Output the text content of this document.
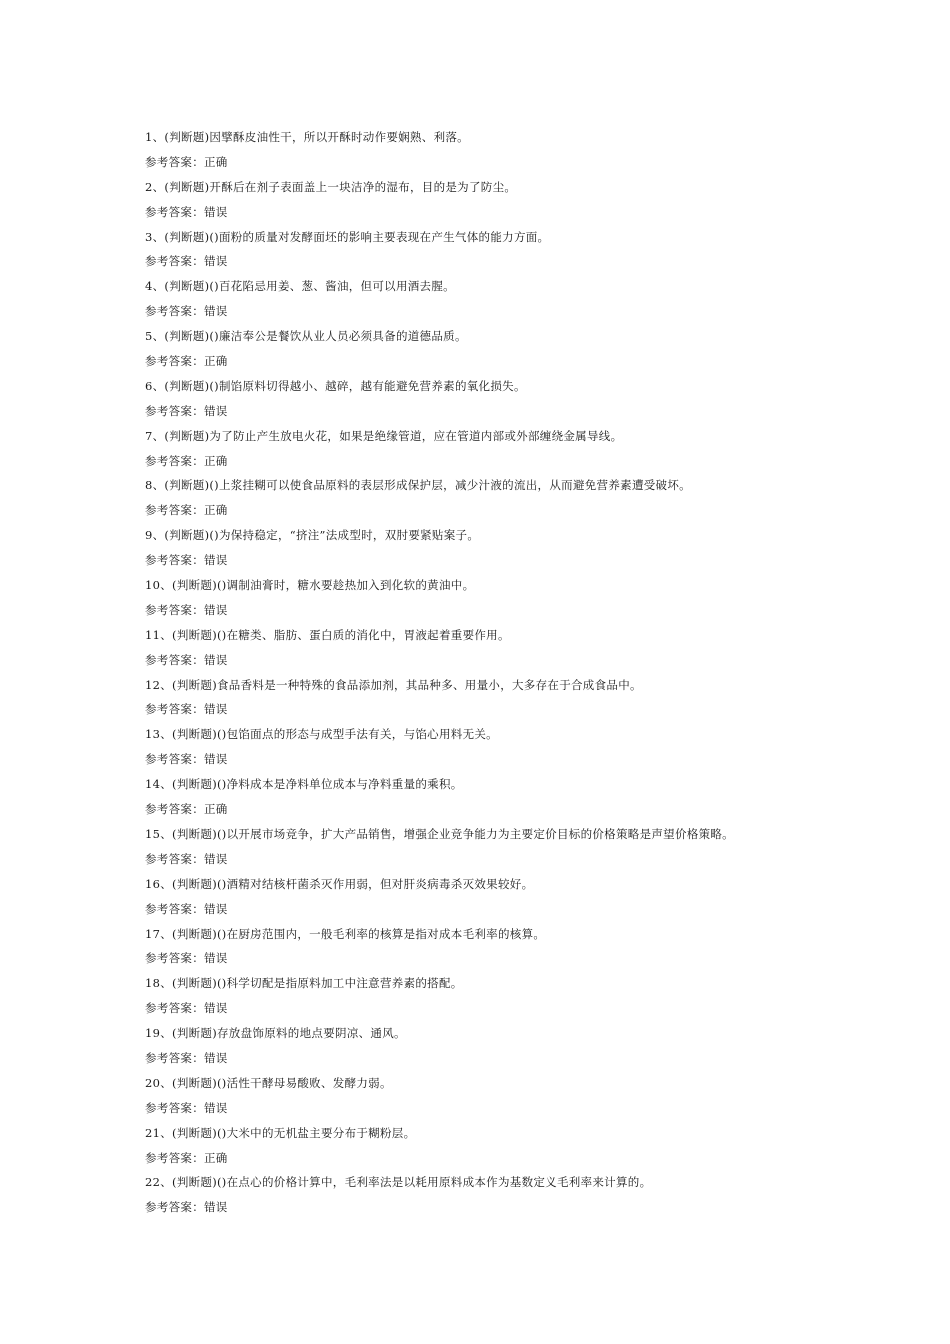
1、(判断题)因擘酥皮油性干，所以开酥时动作要娴熟、利落。
参考答案：正确
2、(判断题)开酥后在剂子表面盖上一块洁净的湿布，目的是为了防尘。
参考答案：错误
3、(判断题)()面粉的质量对发酵面坯的影响主要表现在产生气体的能力方面。
参考答案：错误
4、(判断题)()百花陷忌用姜、葱、酱油，但可以用酒去腥。
参考答案：错误
5、(判断题)()廉洁奉公是餐饮从业人员必须具备的道德品质。
参考答案：正确
6、(判断题)()制馅原料切得越小、越碎，越有能避免营养素的氧化损失。
参考答案：错误
7、(判断题)为了防止产生放电火花，如果是绝缘管道，应在管道内部或外部缠绕金属导线。
参考答案：正确
8、(判断题)()上浆挂糊可以使食品原料的表层形成保护层，减少汁液的流出，从而避免营养素遭受破坏。
参考答案：正确
9、(判断题)()为保持稳定，“挤注”法成型时，双肘要紧贴案子。
参考答案：错误
10、(判断题)()调制油膏时，糖水要趁热加入到化软的黄油中。
参考答案：错误
11、(判断题)()在糖类、脂肪、蛋白质的消化中，胃液起着重要作用。
参考答案：错误
12、(判断题)食品香料是一种特殊的食品添加剂，其品种多、用量小，大多存在于合成食品中。
参考答案：错误
13、(判断题)()包馅面点的形态与成型手法有关，与馅心用料无关。
参考答案：错误
14、(判断题)()净料成本是净料单位成本与净料重量的乘积。
参考答案：正确
15、(判断题)()以开展市场竞争，扩大产品销售，增强企业竞争能力为主要定价目标的价格策略是声望价格策略。
参考答案：错误
16、(判断题)()酒精对结核杆菌杀灭作用弱，但对肝炎病毒杀灭效果较好。
参考答案：错误
17、(判断题)()在厨房范围内，一般毛利率的核算是指对成本毛利率的核算。
参考答案：错误
18、(判断题)()科学切配是指原料加工中注意营养素的搭配。
参考答案：错误
19、(判断题)存放盘饰原料的地点要阴凉、通风。
参考答案：错误
20、(判断题)()活性干酵母易酸败、发酵力弱。
参考答案：错误
21、(判断题)()大米中的无机盐主要分布于糊粉层。
参考答案：正确
22、(判断题)()在点心的价格计算中，毛利率法是以耗用原料成本作为基数定义毛利率来计算的。
参考答案：错误
